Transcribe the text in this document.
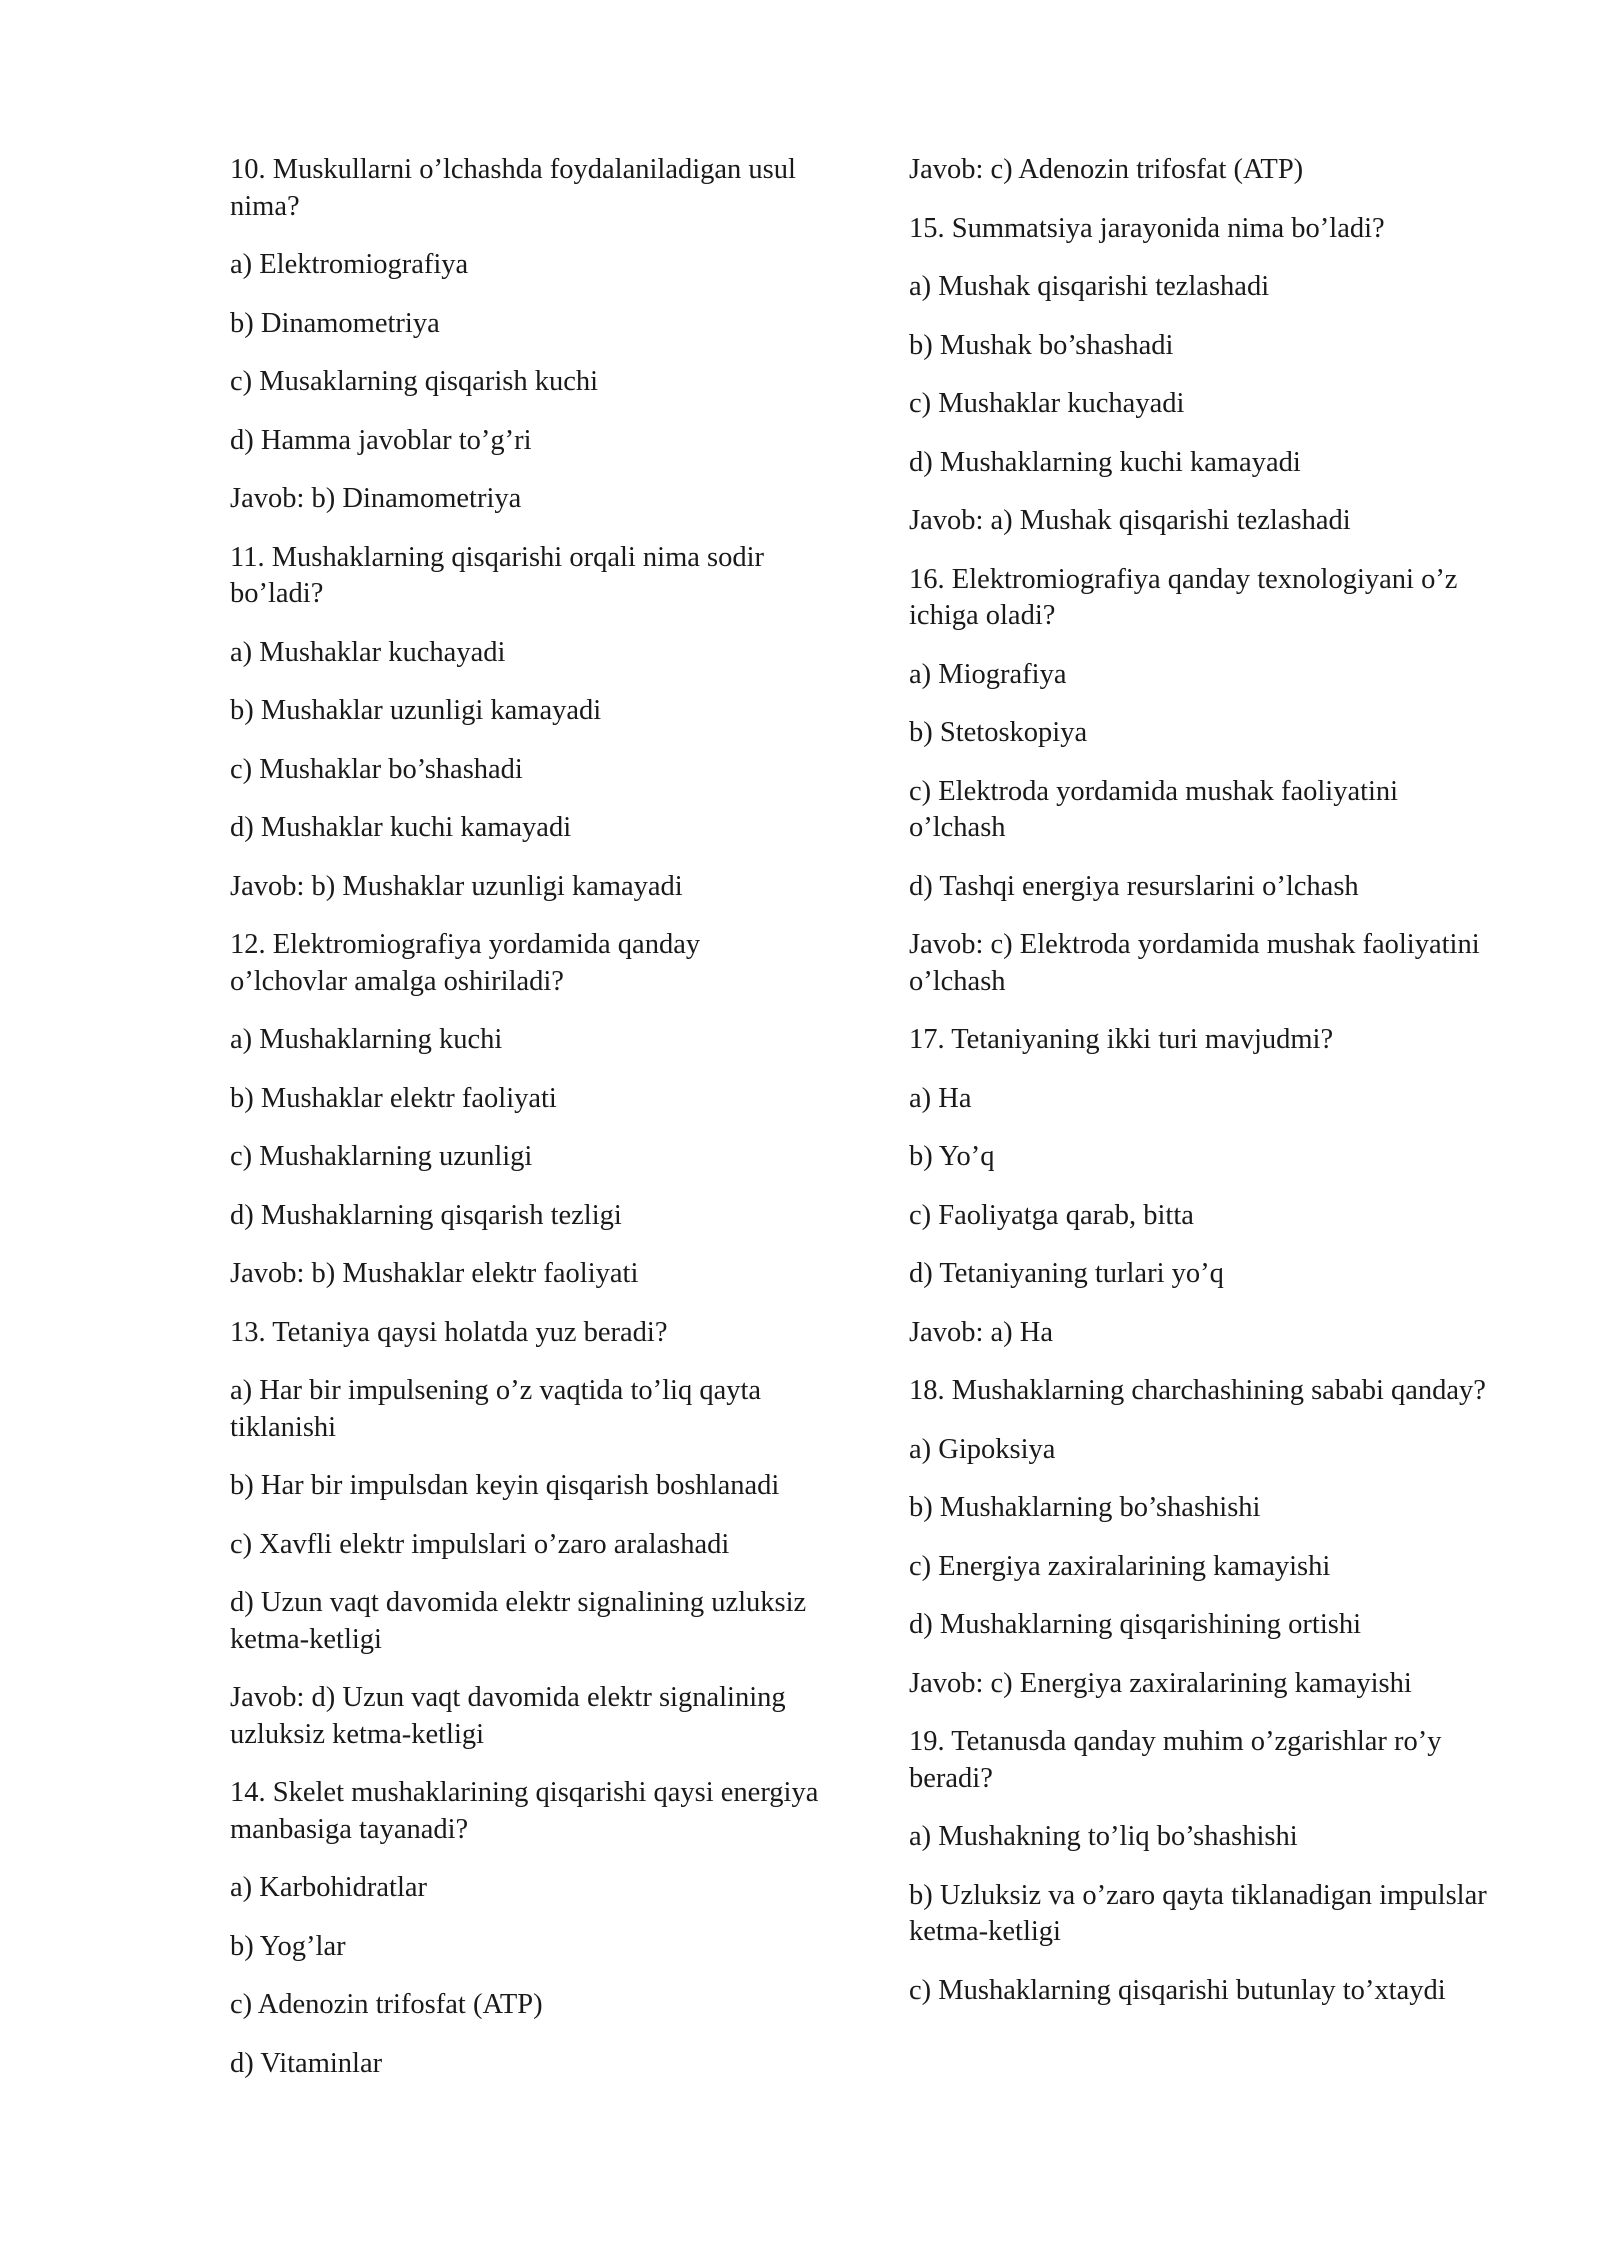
10. Muskullarni o’lchashda foydalaniladigan usul nima?

a) Elektromiografiya

b) Dinamometriya

c) Musaklarning qisqarish kuchi

d) Hamma javoblar to’g’ri

Javob: b) Dinamometriya

11. Mushaklarning qisqarishi orqali nima sodir bo’ladi?

a) Mushaklar kuchayadi

b) Mushaklar uzunligi kamayadi

c) Mushaklar bo’shashadi

d) Mushaklar kuchi kamayadi

Javob: b) Mushaklar uzunligi kamayadi

12. Elektromiografiya yordamida qanday o’lchovlar amalga oshiriladi?

a) Mushaklarning kuchi

b) Mushaklar elektr faoliyati

c) Mushaklarning uzunligi

d) Mushaklarning qisqarish tezligi

Javob: b) Mushaklar elektr faoliyati

13. Tetaniya qaysi holatda yuz beradi?

a) Har bir impulsening o’z vaqtida to’liq qayta tiklanishi

b) Har bir impulsdan keyin qisqarish boshlanadi

c) Xavfli elektr impulslari o’zaro aralashadi

d) Uzun vaqt davomida elektr signalining uzluksiz ketma-ketligi

Javob: d) Uzun vaqt davomida elektr signalining uzluksiz ketma-ketligi

14. Skelet mushaklarining qisqarishi qaysi energiya manbasiga tayanadi?

a) Karbohidratlar

b) Yog’lar

c) Adenozin trifosfat (ATP)

d) Vitaminlar

Javob: c) Adenozin trifosfat (ATP)

15. Summatsiya jarayonida nima bo’ladi?

a) Mushak qisqarishi tezlashadi

b) Mushak bo’shashadi

c) Mushaklar kuchayadi

d) Mushaklarning kuchi kamayadi

Javob: a) Mushak qisqarishi tezlashadi

16. Elektromiografiya qanday texnologiyani o’z ichiga oladi?

a) Miografiya

b) Stetoskopiya

c) Elektroda yordamida mushak faoliyatini o’lchash

d) Tashqi energiya resurslarini o’lchash

Javob: c) Elektroda yordamida mushak faoliyatini o’lchash

17. Tetaniyaning ikki turi mavjudmi?

a) Ha

b) Yo’q

c) Faoliyatga qarab, bitta

d) Tetaniyaning turlari yo’q

Javob: a) Ha

18. Mushaklarning charchashining sababi qanday?

a) Gipoksiya

b) Mushaklarning bo’shashishi

c) Energiya zaxiralarining kamayishi

d) Mushaklarning qisqarishining ortishi

Javob: c) Energiya zaxiralarining kamayishi

19. Tetanusda qanday muhim o’zgarishlar ro’y beradi?

a) Mushakning to’liq bo’shashishi

b) Uzluksiz va o’zaro qayta tiklanadigan impulslar ketma-ketligi

c) Mushaklarning qisqarishi butunlay to’xtaydi
